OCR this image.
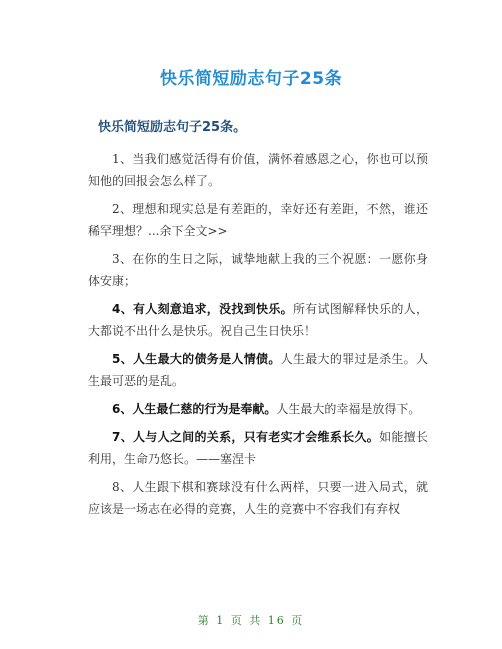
快乐简短励志句子25条
快乐简短励志句子25条。

1、当我们感觉活得有价值，满怀着感恩之心，你也可以预知他的回报会怎么样了。

2、理想和现实总是有差距的，幸好还有差距，不然，谁还稀罕理想？...余下全文>>

3、在你的生日之际，诚挚地献上我的三个祝愿：一愿你身体安康；

4、有人刻意追求，没找到快乐。所有试图解释快乐的人，大都说不出什么是快乐。祝自己生日快乐！

5、人生最大的债务是人情债。人生最大的罪过是杀生。人生最可恶的是乱。

6、人生最仁慈的行为是奉献。人生最大的幸福是放得下。

7、人与人之间的关系，只有老实才会维系长久。如能擅长利用，生命乃悠长。——塞涅卡

8、人生跟下棋和赛球没有什么两样，只要一进入局式，就应该是一场志在必得的竞赛，人生的竞赛中不容我们有弃权

第 1 页 共 16 页
